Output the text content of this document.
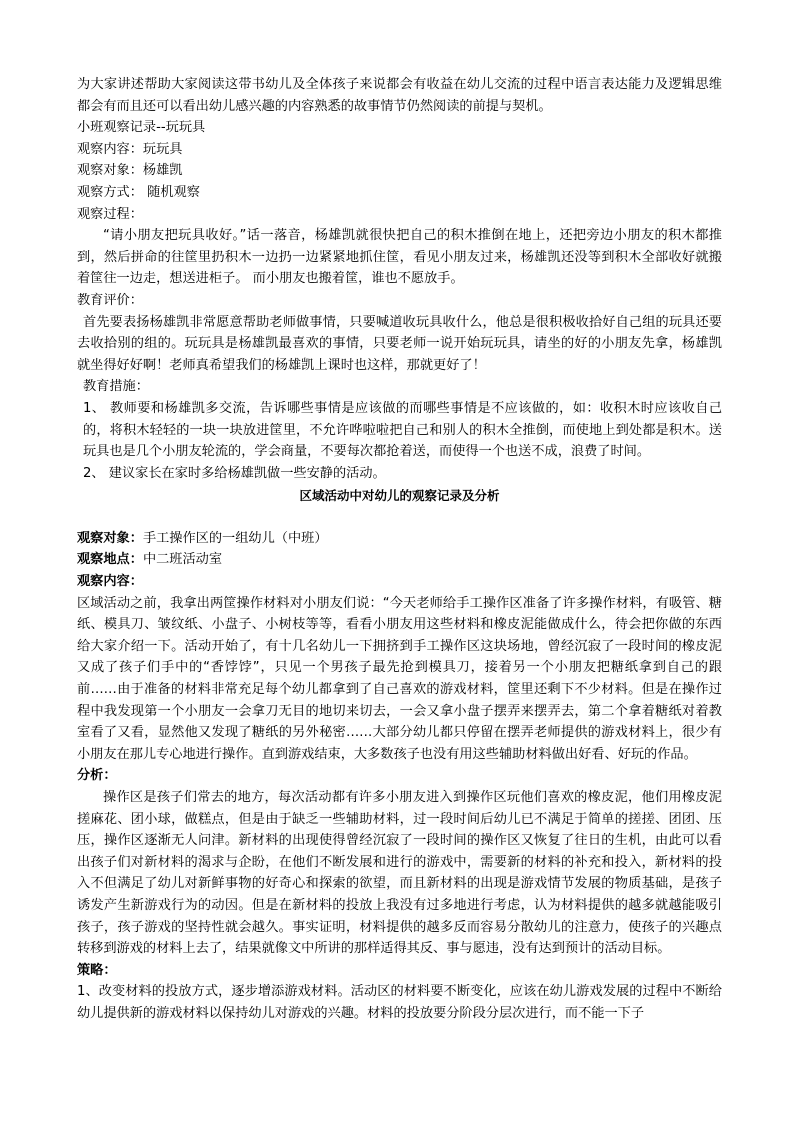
为大家讲述帮助大家阅读这带书幼儿及全体孩子来说都会有收益在幼儿交流的过程中语言表达能力及逻辑思维都会有而且还可以看出幼儿感兴趣的内容熟悉的故事情节仍然阅读的前提与契机。

小班观察记录--玩玩具

观察内容：玩玩具

观察对象：杨雄凯

观察方式： 随机观察

观察过程：

“请小朋友把玩具收好。”话一落音，杨雄凯就很快把自己的积木推倒在地上，还把旁边小朋友的积木都推到，然后拼命的往筐里扔积木一边扔一边紧紧地抓住筐，看见小朋友过来，杨雄凯还没等到积木全部收好就搬着筐往一边走，想送进柜子。 而小朋友也搬着筐，谁也不愿放手。

教育评价：

首先要表扬杨雄凯非常愿意帮助老师做事情，只要喊道收玩具收什么，他总是很积极收拾好自己组的玩具还要去收拾别的组的。玩玩具是杨雄凯最喜欢的事情，只要老师一说开始玩玩具，请坐的好的小朋友先拿，杨雄凯就坐得好好啊！老师真希望我们的杨雄凯上课时也这样，那就更好了！

教育措施：

1、 教师要和杨雄凯多交流，告诉哪些事情是应该做的而哪些事情是不应该做的，如：收积木时应该收自己的，将积木轻轻的一块一块放进筐里，不允许哗啦啦把自己和别人的积木全推倒，而使地上到处都是积木。送玩具也是几个小朋友轮流的，学会商量，不要每次都抢着送，而使得一个也送不成，浪费了时间。

2、 建议家长在家时多给杨雄凯做一些安静的活动。

区域活动中对幼儿的观察记录及分析

观察对象：手工操作区的一组幼儿（中班）

观察地点：中二班活动室

观察内容：

区域活动之前，我拿出两筐操作材料对小朋友们说：“今天老师给手工操作区准备了许多操作材料，有吸管、糖纸、模具刀、皱纹纸、小盘子、小树枝等等，看看小朋友用这些材料和橡皮泥能做成什么，待会把你做的东西给大家介绍一下。活动开始了，有十几名幼儿一下拥挤到手工操作区这块场地，曾经沉寂了一段时间的橡皮泥又成了孩子们手中的“香饽饽”，只见一个男孩子最先抢到模具刀，接着另一个小朋友把糖纸拿到自己的跟前……由于准备的材料非常充足每个幼儿都拿到了自己喜欢的游戏材料，筐里还剩下不少材料。但是在操作过程中我发现第一个小朋友一会拿刀无目的地切来切去，一会又拿小盘子摆弄来摆弄去，第二个拿着糖纸对着教室看了又看，显然他又发现了糖纸的另外秘密……大部分幼儿都只停留在摆弄老师提供的游戏材料上，很少有小朋友在那儿专心地进行操作。直到游戏结束，大多数孩子也没有用这些辅助材料做出好看、好玩的作品。

分析：

操作区是孩子们常去的地方，每次活动都有许多小朋友进入到操作区玩他们喜欢的橡皮泥，他们用橡皮泥搓麻花、团小球，做糕点，但是由于缺乏一些辅助材料，过一段时间后幼儿已不满足于简单的搓搓、团团、压压，操作区逐渐无人问津。新材料的出现使得曾经沉寂了一段时间的操作区又恢复了往日的生机，由此可以看出孩子们对新材料的渴求与企盼，在他们不断发展和进行的游戏中，需要新的材料的补充和投入，新材料的投入不但满足了幼儿对新鲜事物的好奇心和探索的欲望，而且新材料的出现是游戏情节发展的物质基础，是孩子诱发产生新游戏行为的动因。但是在新材料的投放上我没有过多地进行考虑，认为材料提供的越多就越能吸引孩子，孩子游戏的坚持性就会越久。事实证明，材料提供的越多反而容易分散幼儿的注意力，使孩子的兴趣点转移到游戏的材料上去了，结果就像文中所讲的那样适得其反、事与愿违，没有达到预计的活动目标。

策略：

1、改变材料的投放方式，逐步增添游戏材料。活动区的材料要不断变化，应该在幼儿游戏发展的过程中不断给幼儿提供新的游戏材料以保持幼儿对游戏的兴趣。材料的投放要分阶段分层次进行，而不能一下子
